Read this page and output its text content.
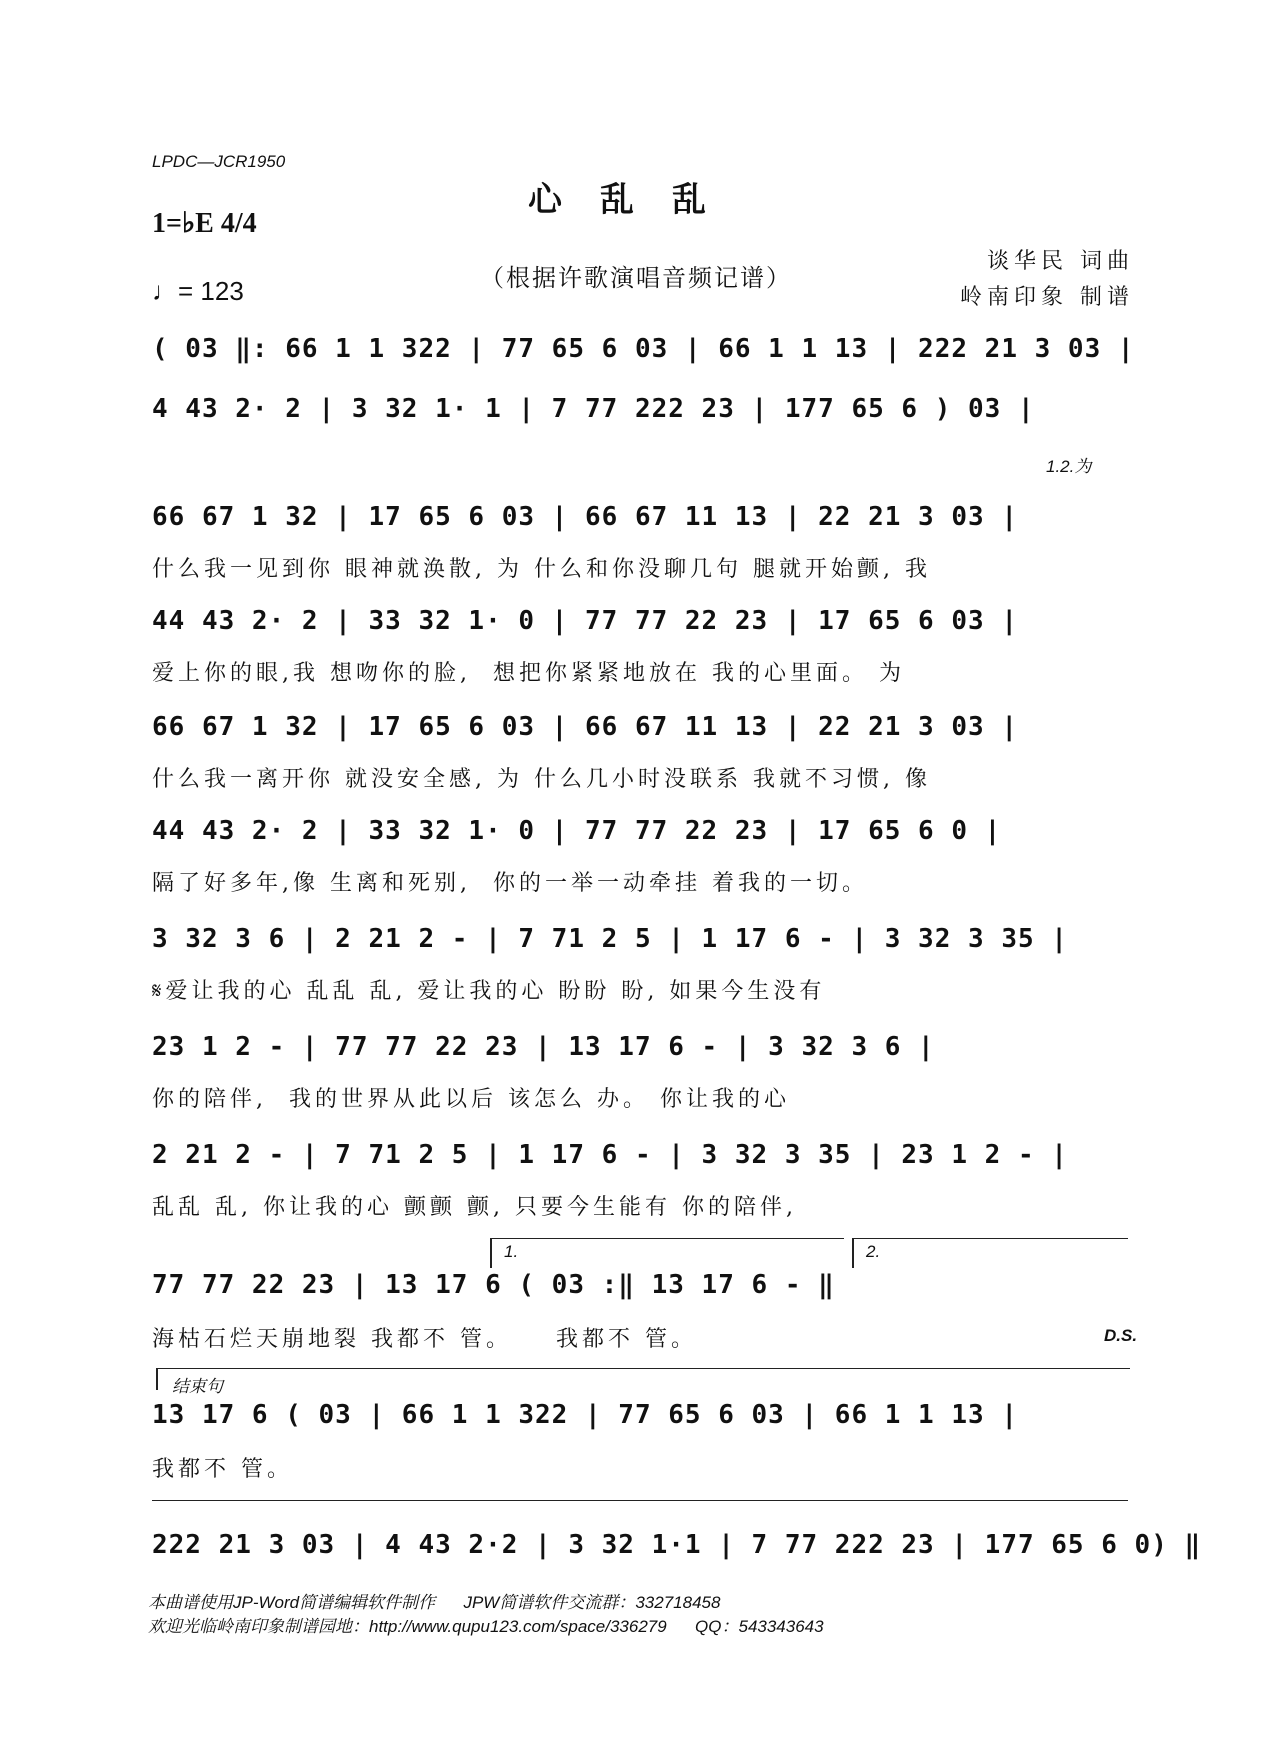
LPDC—JCR1950
心乱乱
1=♭E 4/4
（根据许歌演唱音频记谱）
♩= 123
谈华民 词曲
岭南印象 制谱
( 03 ‖: 66 1 1 322 | 77 65 6 03 | 66 1 1 13 | 222 21 3 03 |
4 43 2· 2 | 3 32 1· 1 | 7 77 222 23 | 177 65 6 ) 03 |
1.2.为
66 67 1 32 | 17 65 6 03 | 66 67 11 13 | 22 21 3 03 |
什么我一见到你 眼神就涣散, 为 什么和你没聊几句 腿就开始颤, 我
44 43 2· 2 | 33 32 1· 0 | 77 77 22 23 | 17 65 6 03 |
爱上你的眼,我 想吻你的脸,  想把你紧紧地放在 我的心里面。 为
66 67 1 32 | 17 65 6 03 | 66 67 11 13 | 22 21 3 03 |
什么我一离开你 就没安全感, 为 什么几小时没联系 我就不习惯, 像
44 43 2· 2 | 33 32 1· 0 | 77 77 22 23 | 17 65 6 0 |
隔了好多年,像 生离和死别,  你的一举一动牵挂 着我的一切。
3 32 3 6 | 2 21 2 - | 7 71 2 5 | 1 17 6 - | 3 32 3 35 |
𝄋爱让我的心 乱乱 乱, 爱让我的心 盼盼 盼, 如果今生没有
23 1 2 - | 77 77 22 23 | 13 17 6 - | 3 32 3 6 |
你的陪伴,  我的世界从此以后 该怎么 办。 你让我的心
2 21 2 - | 7 71 2 5 | 1 17 6 - | 3 32 3 35 | 23 1 2 - |
乱乱 乱, 你让我的心 颤颤 颤, 只要今生能有 你的陪伴,
1.	2.
77 77 22 23 | 13 17 6 ( 03 :‖ 13 17 6 - ‖
海枯石烂天崩地裂 我都不 管。    我都不 管。	D.S.
结束句
13 17 6 ( 03 | 66 1 1 322 | 77 65 6 03 | 66 1 1 13 |
我都不 管。
222 21 3 03 | 4 43 2·2 | 3 32 1·1 | 7 77 222 23 | 177 65 6 0) ‖
本曲谱使用JP-Word简谱编辑软件制作      JPW简谱软件交流群：332718458
欢迎光临岭南印象制谱园地：http://www.qupu123.com/space/336279      QQ：543343643
